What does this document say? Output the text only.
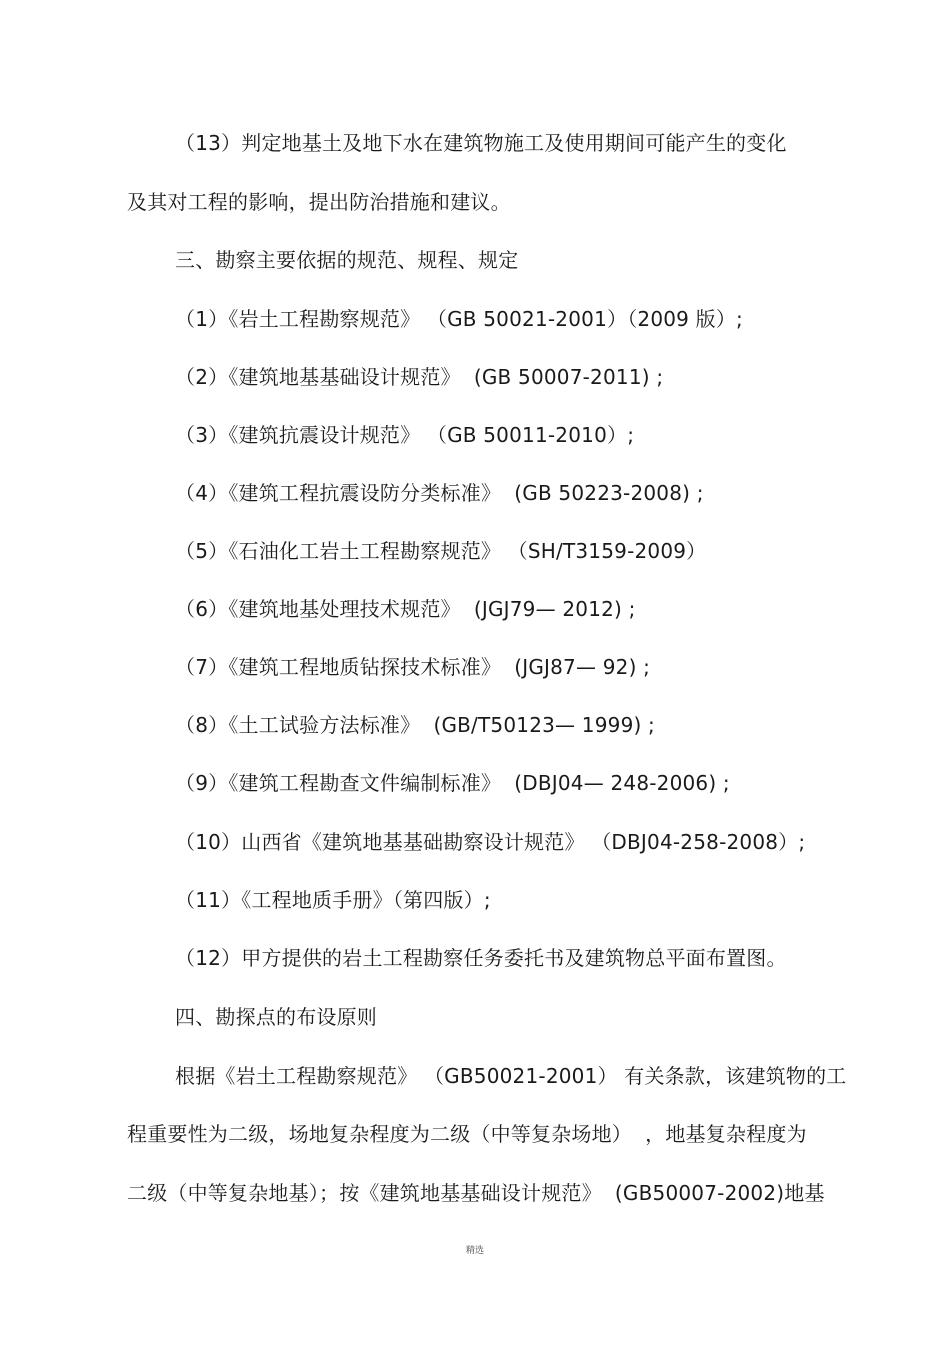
（13）判定地基土及地下水在建筑物施工及使用期间可能产生的变化
及其对工程的影响，提出防治措施和建议。
三、勘察主要依据的规范、规程、规定
（1）《岩土工程勘察规范》 （GB 50021-2001）（2009 版）;
（2）《建筑地基基础设计规范》  (GB 50007-2011) ;
（3）《建筑抗震设计规范》 （GB 50011-2010）;
（4）《建筑工程抗震设防分类标准》  (GB 50223-2008) ;
（5）《石油化工岩土工程勘察规范》 （SH/T3159-2009）
（6）《建筑地基处理技术规范》  (JGJ79— 2012) ;
（7）《建筑工程地质钻探技术标准》  (JGJ87— 92) ;
（8）《土工试验方法标准》  (GB/T50123— 1999) ;
（9）《建筑工程勘查文件编制标准》  (DBJ04— 248-2006) ;
（10）山西省《建筑地基基础勘察设计规范》 （DBJ04-258-2008）;
（11）《工程地质手册》（第四版）;
（12）甲方提供的岩土工程勘察任务委托书及建筑物总平面布置图。
四、勘探点的布设原则
根据《岩土工程勘察规范》 （GB50021-2001） 有关条款，该建筑物的工
程重要性为二级，场地复杂程度为二级（中等复杂场地）  ，地基复杂程度为
二级（中等复杂地基）；按《建筑地基基础设计规范》  (GB50007-2002)地基
精选
